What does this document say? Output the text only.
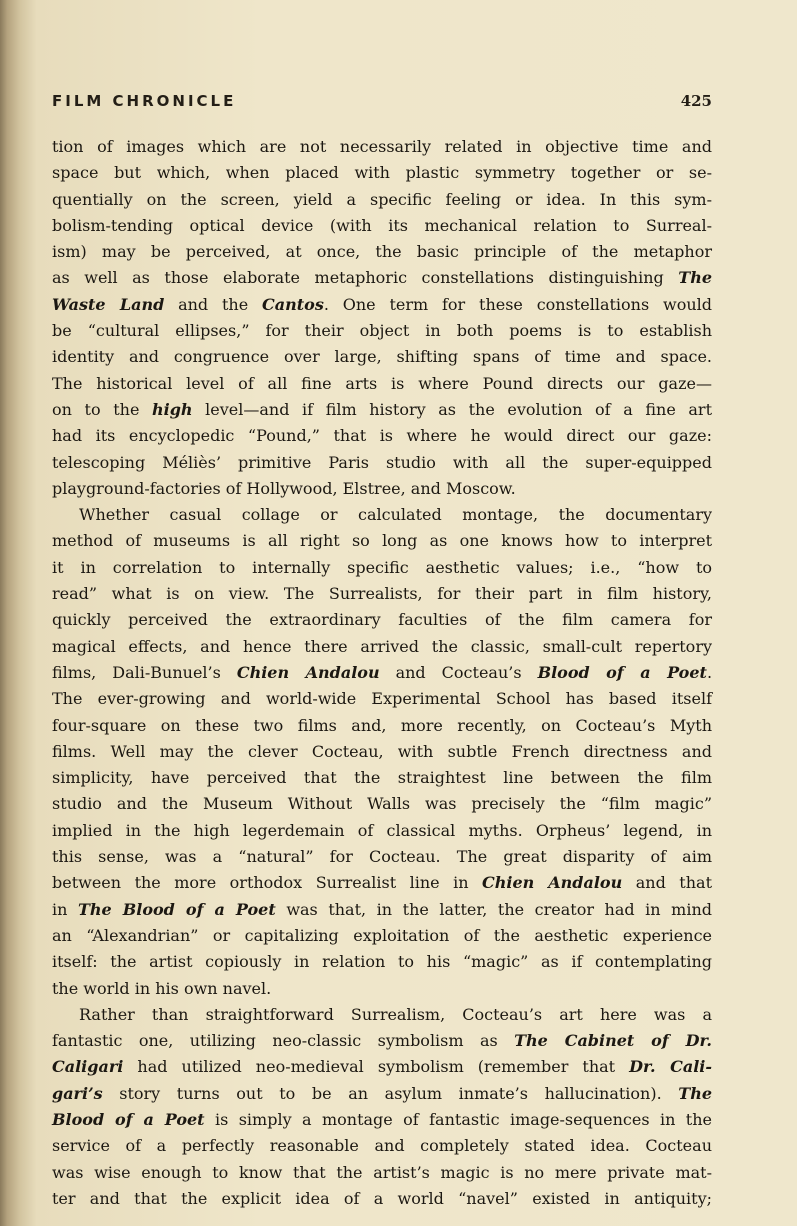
FILM CHRONICLE	425
tion of images which are not necessarily related in objective time and
space but which, when placed with plastic symmetry together or se-
quentially on the screen, yield a specific feeling or idea. In this sym-
bolism-tending optical device (with its mechanical relation to Surreal-
ism) may be perceived, at once, the basic principle of the metaphor
as well as those elaborate metaphoric constellations distinguishing The
Waste Land and the Cantos. One term for these constellations would
be “cultural ellipses,” for their object in both poems is to establish
identity and congruence over large, shifting spans of time and space.
The historical level of all fine arts is where Pound directs our gaze—
on to the high level—and if film history as the evolution of a fine art
had its encyclopedic “Pound,” that is where he would direct our gaze:
telescoping Méliès’ primitive Paris studio with all the super-equipped
playground-factories of Hollywood, Elstree, and Moscow.
Whether casual collage or calculated montage, the documentary
method of museums is all right so long as one knows how to interpret
it in correlation to internally specific aesthetic values; i.e., “how to
read” what is on view. The Surrealists, for their part in film history,
quickly perceived the extraordinary faculties of the film camera for
magical effects, and hence there arrived the classic, small-cult repertory
films, Dali-Bunuel’s Chien Andalou and Cocteau’s Blood of a Poet.
The ever-growing and world-wide Experimental School has based itself
four-square on these two films and, more recently, on Cocteau’s Myth
films. Well may the clever Cocteau, with subtle French directness and
simplicity, have perceived that the straightest line between the film
studio and the Museum Without Walls was precisely the “film magic”
implied in the high legerdemain of classical myths. Orpheus’ legend, in
this sense, was a “natural” for Cocteau. The great disparity of aim
between the more orthodox Surrealist line in Chien Andalou and that
in The Blood of a Poet was that, in the latter, the creator had in mind
an “Alexandrian” or capitalizing exploitation of the aesthetic experience
itself: the artist copiously in relation to his “magic” as if contemplating
the world in his own navel.
Rather than straightforward Surrealism, Cocteau’s art here was a
fantastic one, utilizing neo-classic symbolism as The Cabinet of Dr.
Caligari had utilized neo-medieval symbolism (remember that Dr. Cali-
gari’s story turns out to be an asylum inmate’s hallucination). The
Blood of a Poet is simply a montage of fantastic image-sequences in the
service of a perfectly reasonable and completely stated idea. Cocteau
was wise enough to know that the artist’s magic is no mere private mat-
ter and that the explicit idea of a world “navel” existed in antiquity;
